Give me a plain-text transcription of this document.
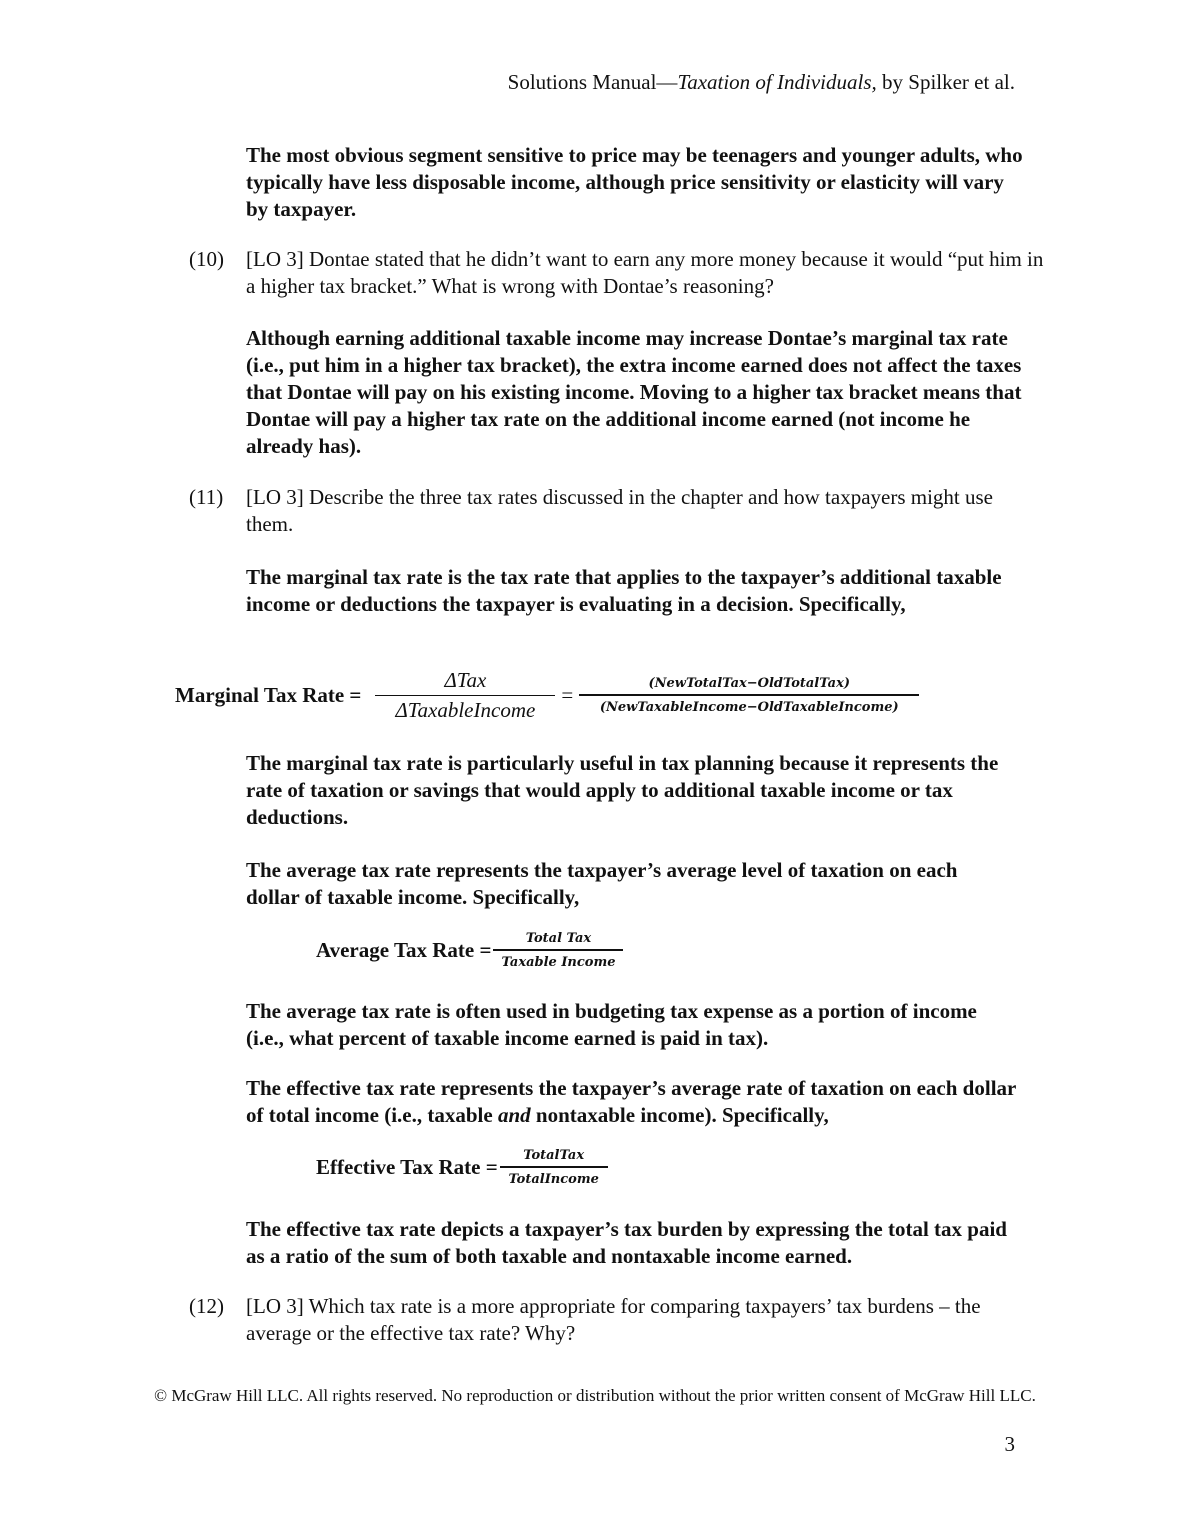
Solutions Manual—Taxation of Individuals, by Spilker et al.
The most obvious segment sensitive to price may be teenagers and younger adults, who typically have less disposable income, although price sensitivity or elasticity will vary by taxpayer.
(10) [LO 3] Dontae stated that he didn’t want to earn any more money because it would “put him in a higher tax bracket.” What is wrong with Dontae’s reasoning?
Although earning additional taxable income may increase Dontae’s marginal tax rate (i.e., put him in a higher tax bracket), the extra income earned does not affect the taxes that Dontae will pay on his existing income. Moving to a higher tax bracket means that Dontae will pay a higher tax rate on the additional income earned (not income he already has).
(11) [LO 3] Describe the three tax rates discussed in the chapter and how taxpayers might use them.
The marginal tax rate is the tax rate that applies to the taxpayer’s additional taxable income or deductions the taxpayer is evaluating in a decision. Specifically,
Marginal Tax Rate = $\frac{\text{ΔTax}}{\text{ΔTaxableIncome}} = \frac{\text{(NewTotalTax−OldTotalTax)}}{\text{(NewTaxableIncome−OldTaxableIncome)}}$
The marginal tax rate is particularly useful in tax planning because it represents the rate of taxation or savings that would apply to additional taxable income or tax deductions.
The average tax rate represents the taxpayer’s average level of taxation on each dollar of taxable income. Specifically,
Average Tax Rate = $\frac{\text{Total Tax}}{\text{Taxable Income}}$
The average tax rate is often used in budgeting tax expense as a portion of income (i.e., what percent of taxable income earned is paid in tax).
The effective tax rate represents the taxpayer’s average rate of taxation on each dollar of total income (i.e., taxable and nontaxable income). Specifically,
Effective Tax Rate = $\frac{\text{TotalTax}}{\text{TotalIncome}}$
The effective tax rate depicts a taxpayer’s tax burden by expressing the total tax paid as a ratio of the sum of both taxable and nontaxable income earned.
(12) [LO 3] Which tax rate is a more appropriate for comparing taxpayers’ tax burdens – the average or the effective tax rate? Why?
© McGraw Hill LLC. All rights reserved. No reproduction or distribution without the prior written consent of McGraw Hill LLC.
3
